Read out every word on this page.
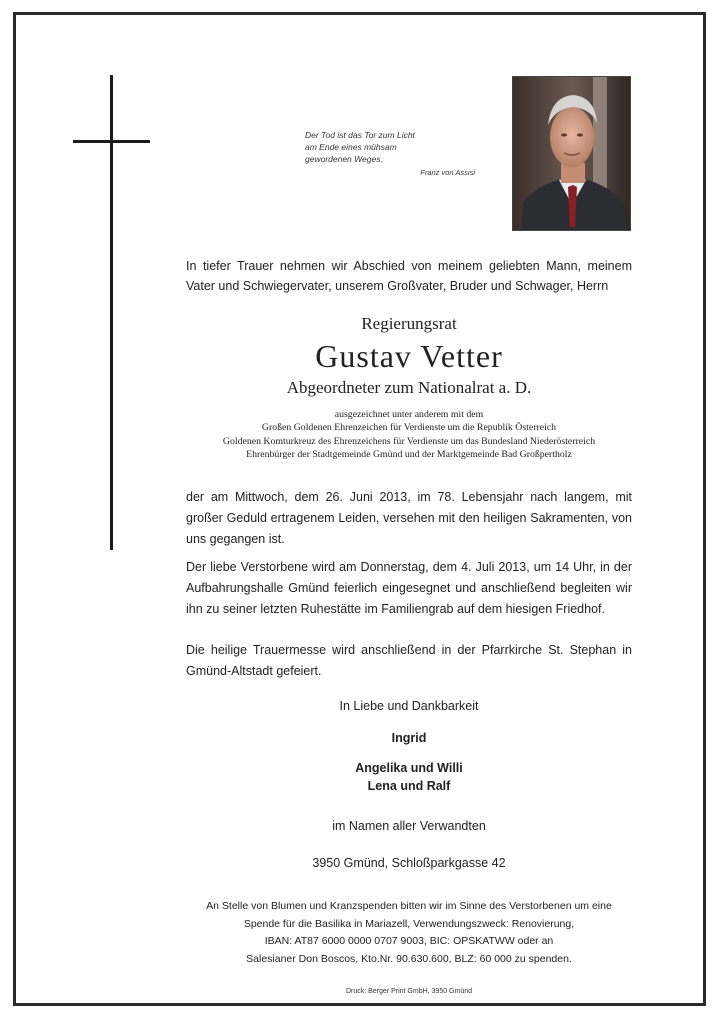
Der Tod ist das Tor zum Licht
am Ende eines mühsam
gewordenen Weges.
Franz von Assisi
In tiefer Trauer nehmen wir Abschied von meinem geliebten Mann, meinem Vater und Schwiegervater, unserem Großvater, Bruder und Schwager, Herrn
Regierungsrat
Gustav Vetter
Abgeordneter zum Nationalrat a. D.
ausgezeichnet unter anderem mit dem
Großen Goldenen Ehrenzeichen für Verdienste um die Republik Österreich
Goldenen Komturkreuz des Ehrenzeichens für Verdienste um das Bundesland Niederösterreich
Ehrenbürger der Stadtgemeinde Gmünd und der Marktgemeinde Bad Großpertholz
der am Mittwoch, dem 26. Juni 2013, im 78. Lebensjahr nach langem, mit großer Geduld ertragenem Leiden, versehen mit den heiligen Sakramenten, von uns gegangen ist.
Der liebe Verstorbene wird am Donnerstag, dem 4. Juli 2013, um 14 Uhr, in der Aufbahrungshalle Gmünd feierlich eingesegnet und anschließend begleiten wir ihn zu seiner letzten Ruhestätte im Familiengrab auf dem hiesigen Friedhof.
Die heilige Trauermesse wird anschließend in der Pfarrkirche St. Stephan in Gmünd-Altstadt gefeiert.
In Liebe und Dankbarkeit
Ingrid
Angelika und Willi
Lena und Ralf
im Namen aller Verwandten
3950 Gmünd, Schloßparkgasse 42
An Stelle von Blumen und Kranzspenden bitten wir im Sinne des Verstorbenen um eine
Spende für die Basilika in Mariazell, Verwendungszweck: Renovierung,
IBAN: AT87 6000 0000 0707 9003, BIC: OPSKATWW oder an
Salesianer Don Boscos, Kto.Nr. 90.630.600, BLZ: 60 000 zu spenden.
Druck: Berger Print GmbH, 3950 Gmünd
